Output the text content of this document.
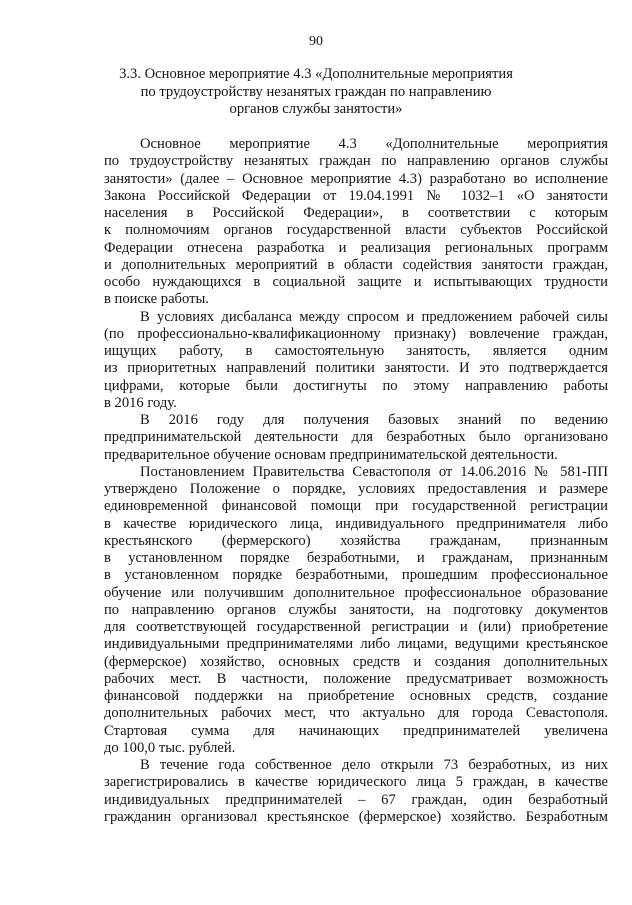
90
3.3. Основное мероприятие 4.3 «Дополнительные мероприятия
по трудоустройству незанятых граждан по направлению
органов службы занятости»
Основное мероприятие 4.3 «Дополнительные мероприятия
по трудоустройству незанятых граждан по направлению органов службы
занятости» (далее – Основное мероприятие 4.3) разработано во исполнение
Закона Российской Федерации от 19.04.1991 № 1032–1 «О занятости
населения в Российской Федерации», в соответствии с которым
к полномочиям органов государственной власти субъектов Российской
Федерации отнесена разработка и реализация региональных программ
и дополнительных мероприятий в области содействия занятости граждан,
особо нуждающихся в социальной защите и испытывающих трудности
в поиске работы.
В условиях дисбаланса между спросом и предложением рабочей силы
(по профессионально-квалификационному признаку) вовлечение граждан,
ищущих работу, в самостоятельную занятость, является одним
из приоритетных направлений политики занятости. И это подтверждается
цифрами, которые были достигнуты по этому направлению работы
в 2016 году.
В 2016 году для получения базовых знаний по ведению
предпринимательской деятельности для безработных было организовано
предварительное обучение основам предпринимательской деятельности.
Постановлением Правительства Севастополя от 14.06.2016 № 581-ПП
утверждено Положение о порядке, условиях предоставления и размере
единовременной финансовой помощи при государственной регистрации
в качестве юридического лица, индивидуального предпринимателя либо
крестьянского (фермерского) хозяйства гражданам, признанным
в установленном порядке безработными, и гражданам, признанным
в установленном порядке безработными, прошедшим профессиональное
обучение или получившим дополнительное профессиональное образование
по направлению органов службы занятости, на подготовку документов
для соответствующей государственной регистрации и (или) приобретение
индивидуальными предпринимателями либо лицами, ведущими крестьянское
(фермерское) хозяйство, основных средств и создания дополнительных
рабочих мест. В частности, положение предусматривает возможность
финансовой поддержки на приобретение основных средств, создание
дополнительных рабочих мест, что актуально для города Севастополя.
Стартовая сумма для начинающих предпринимателей увеличена
до 100,0 тыс. рублей.
В течение года собственное дело открыли 73 безработных, из них
зарегистрировались в качестве юридического лица 5 граждан, в качестве
индивидуальных предпринимателей – 67 граждан, один безработный
гражданин организовал крестьянское (фермерское) хозяйство. Безработным
